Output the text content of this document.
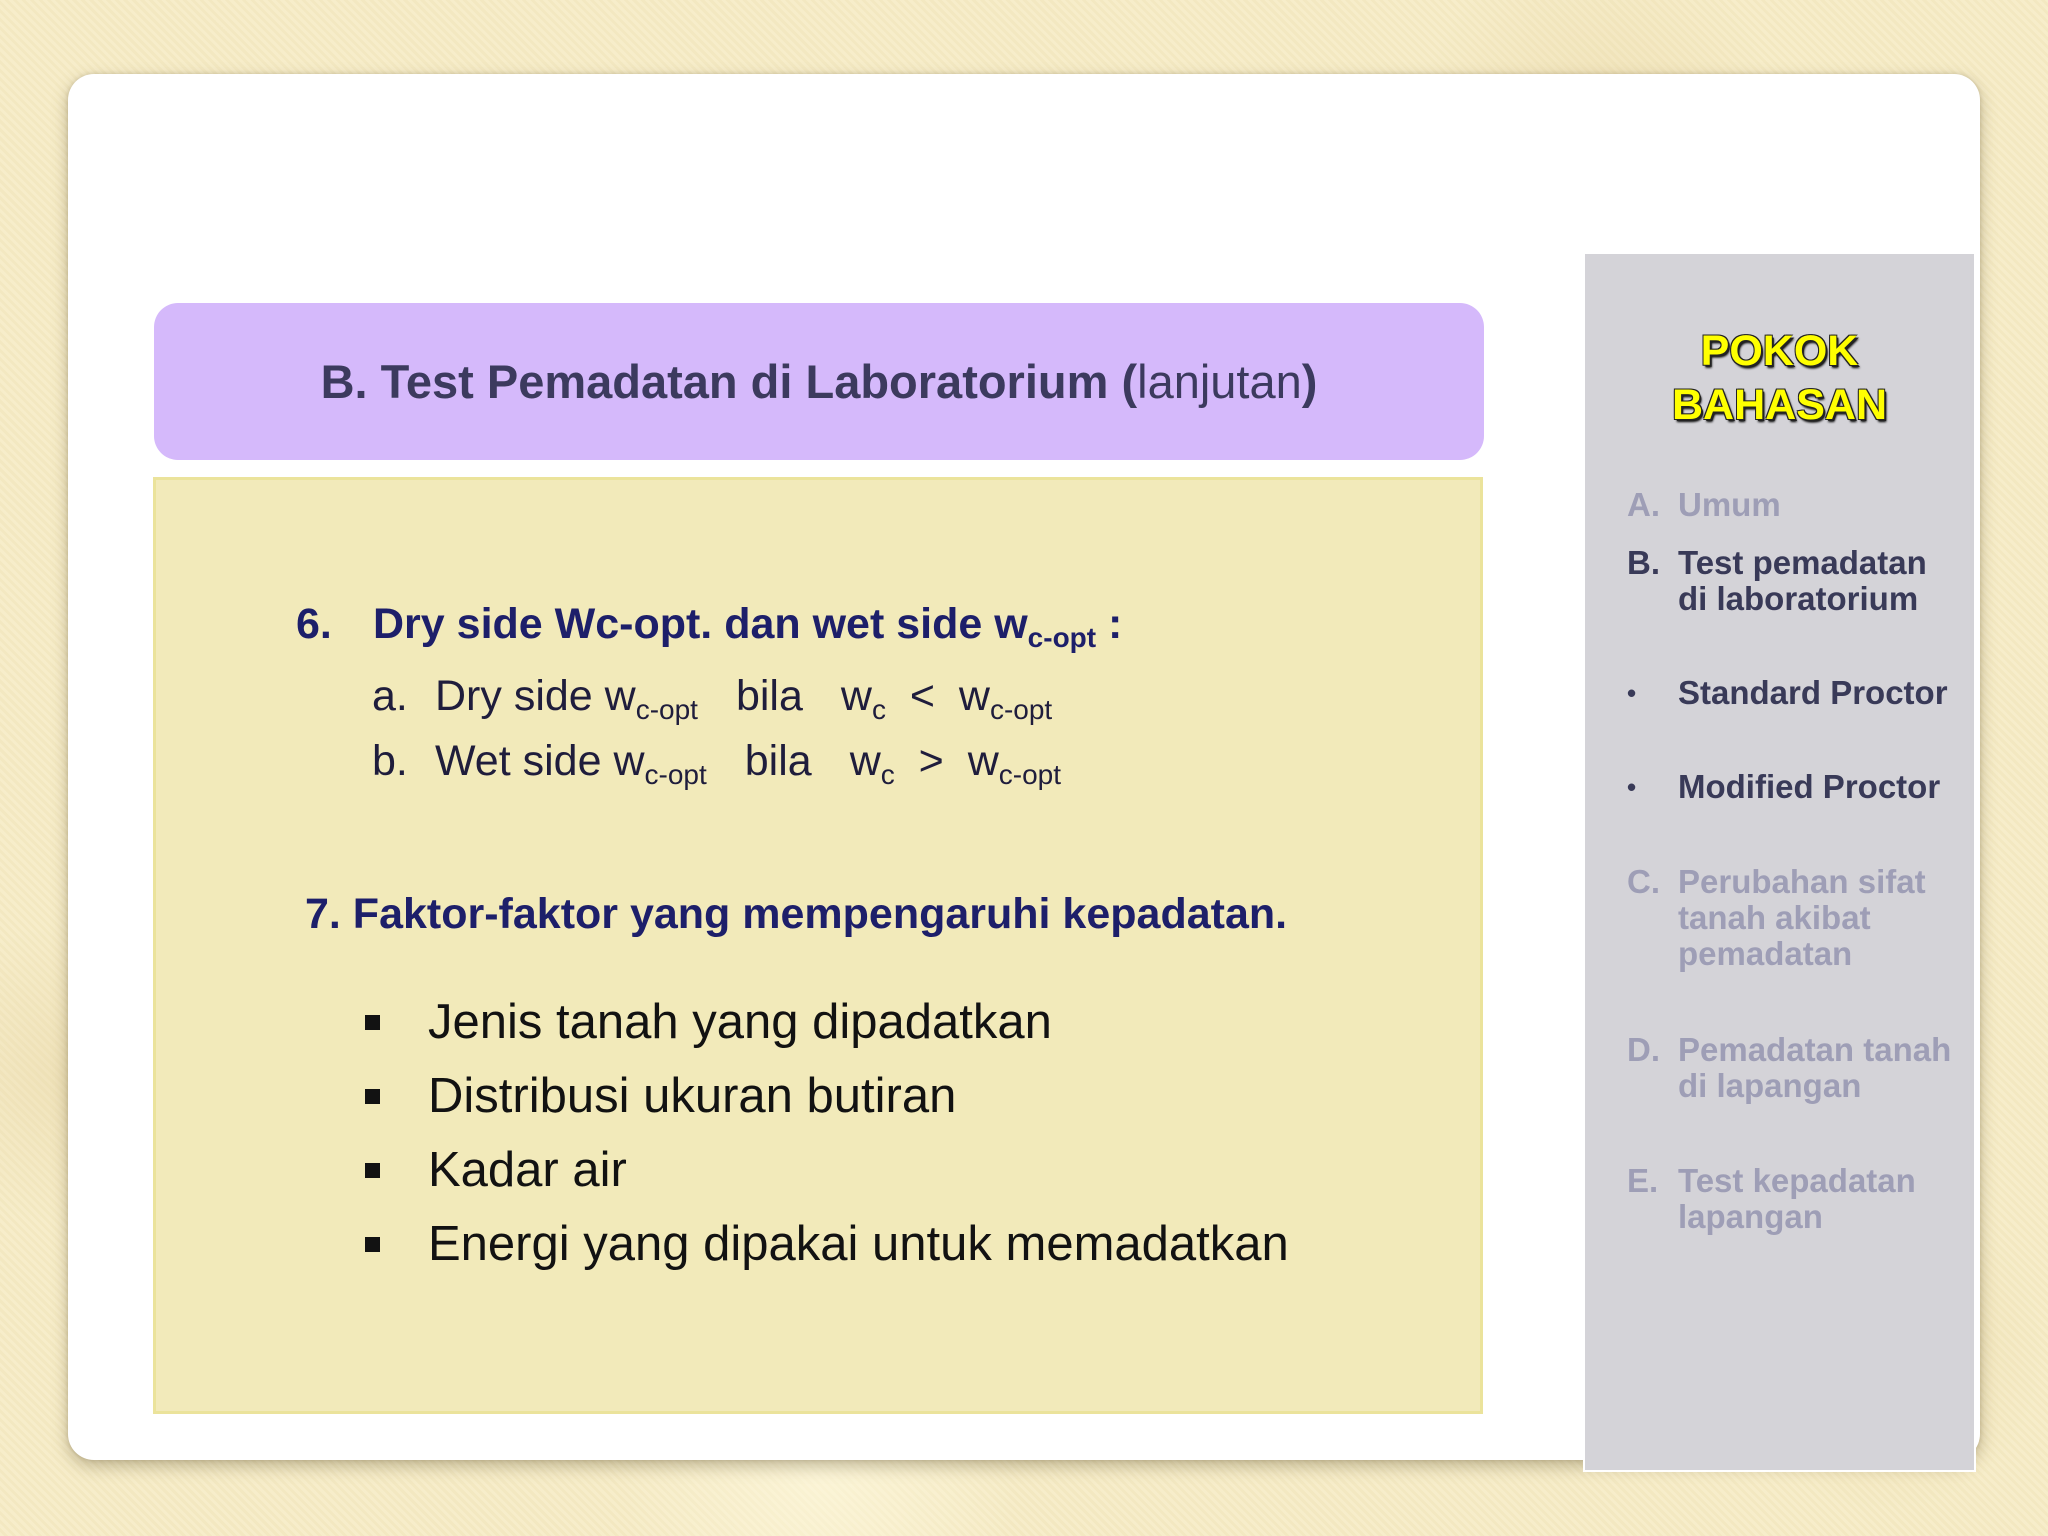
B. Test Pemadatan di Laboratorium (lanjutan)
6. Dry side Wc-opt. dan wet side $w_{c-opt}$ :
a. Dry side $w_{c-opt}$ bila $w_c < w_{c-opt}$
b. Wet side $w_{c-opt}$ bila $w_c > w_{c-opt}$
7. Faktor-faktor yang mempengaruhi kepadatan.
Jenis tanah yang dipadatkan
Distribusi ukuran butiran
Kadar air
Energi yang dipakai untuk memadatkan
POKOK
BAHASAN
A. Umum
B. Test pemadatan di laboratorium
•	Standard Proctor
•	Modified Proctor
C. Perubahan sifat   tanah akibat pemadatan
D. Pemadatan tanah di lapangan
E. Test kepadatan lapangan
